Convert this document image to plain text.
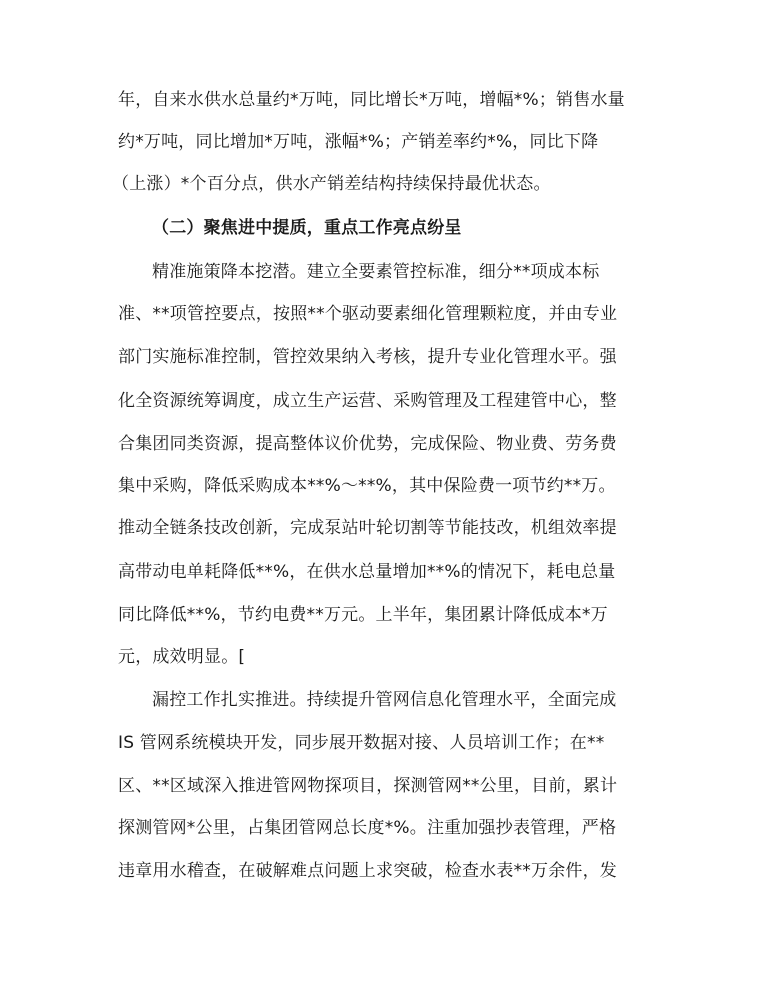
年，自来水供水总量约*万吨，同比增长*万吨，增幅*%；销售水量
约*万吨，同比增加*万吨，涨幅*%；产销差率约*%，同比下降
（上涨）*个百分点，供水产销差结构持续保持最优状态。
（二）聚焦进中提质，重点工作亮点纷呈
精准施策降本挖潜。建立全要素管控标准，细分**项成本标
准、**项管控要点，按照**个驱动要素细化管理颗粒度，并由专业
部门实施标准控制，管控效果纳入考核，提升专业化管理水平。强
化全资源统筹调度，成立生产运营、采购管理及工程建管中心，整
合集团同类资源，提高整体议价优势，完成保险、物业费、劳务费
集中采购，降低采购成本**%～**%，其中保险费一项节约**万。
推动全链条技改创新，完成泵站叶轮切割等节能技改，机组效率提
高带动电单耗降低**%，在供水总量增加**%的情况下，耗电总量
同比降低**%，节约电费**万元。上半年，集团累计降低成本*万
元，成效明显。[
漏控工作扎实推进。持续提升管网信息化管理水平，全面完成
IS 管网系统模块开发，同步展开数据对接、人员培训工作；在**
区、**区域深入推进管网物探项目，探测管网**公里，目前，累计
探测管网*公里，占集团管网总长度*%。注重加强抄表管理，严格
违章用水稽查，在破解难点问题上求突破，检查水表**万余件，发
